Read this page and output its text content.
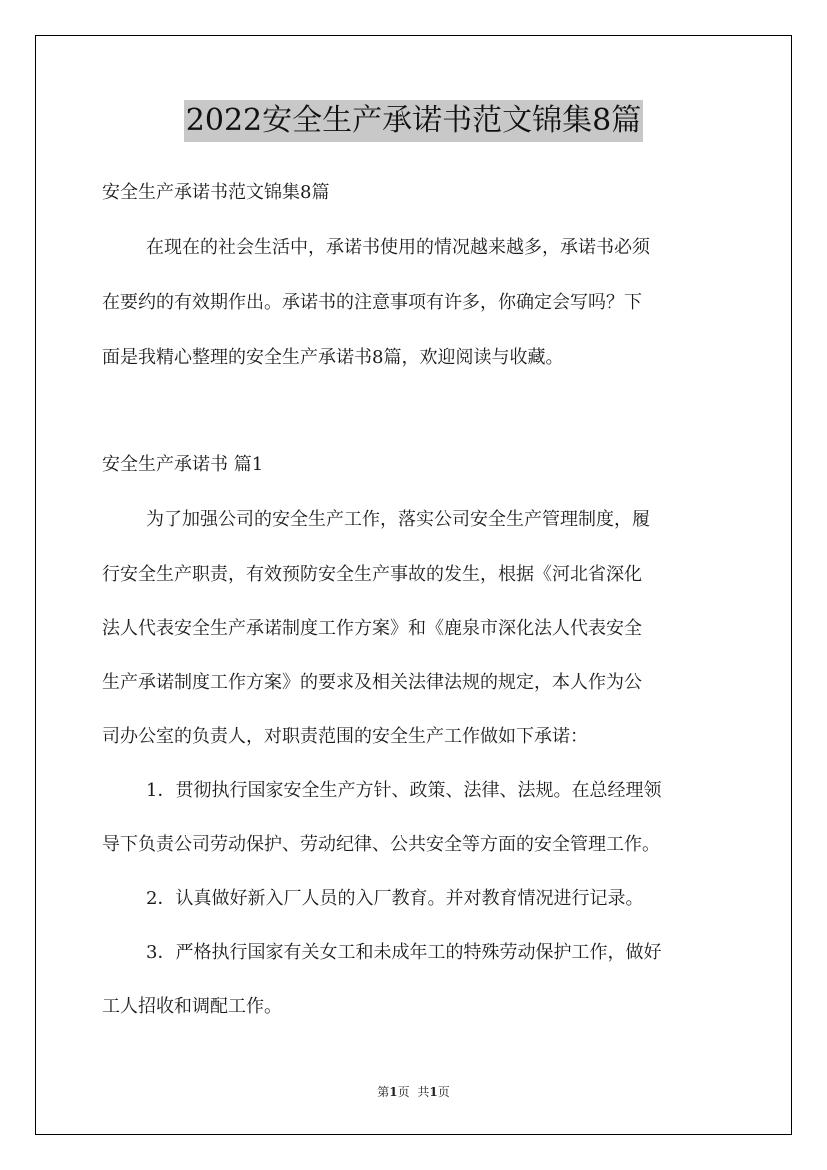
2022安全生产承诺书范文锦集8篇
安全生产承诺书范文锦集8篇
在现在的社会生活中，承诺书使用的情况越来越多，承诺书必须
在要约的有效期作出。承诺书的注意事项有许多，你确定会写吗？下
面是我精心整理的安全生产承诺书8篇，欢迎阅读与收藏。
安全生产承诺书 篇1
为了加强公司的安全生产工作，落实公司安全生产管理制度，履
行安全生产职责，有效预防安全生产事故的发生，根据《河北省深化
法人代表安全生产承诺制度工作方案》和《鹿泉市深化法人代表安全
生产承诺制度工作方案》的要求及相关法律法规的规定，本人作为公
司办公室的负责人，对职责范围的安全生产工作做如下承诺：
1．贯彻执行国家安全生产方针、政策、法律、法规。在总经理领
导下负责公司劳动保护、劳动纪律、公共安全等方面的安全管理工作。
2．认真做好新入厂人员的入厂教育。并对教育情况进行记录。
3．严格执行国家有关女工和未成年工的特殊劳动保护工作，做好
工人招收和调配工作。
第1页 共1页
